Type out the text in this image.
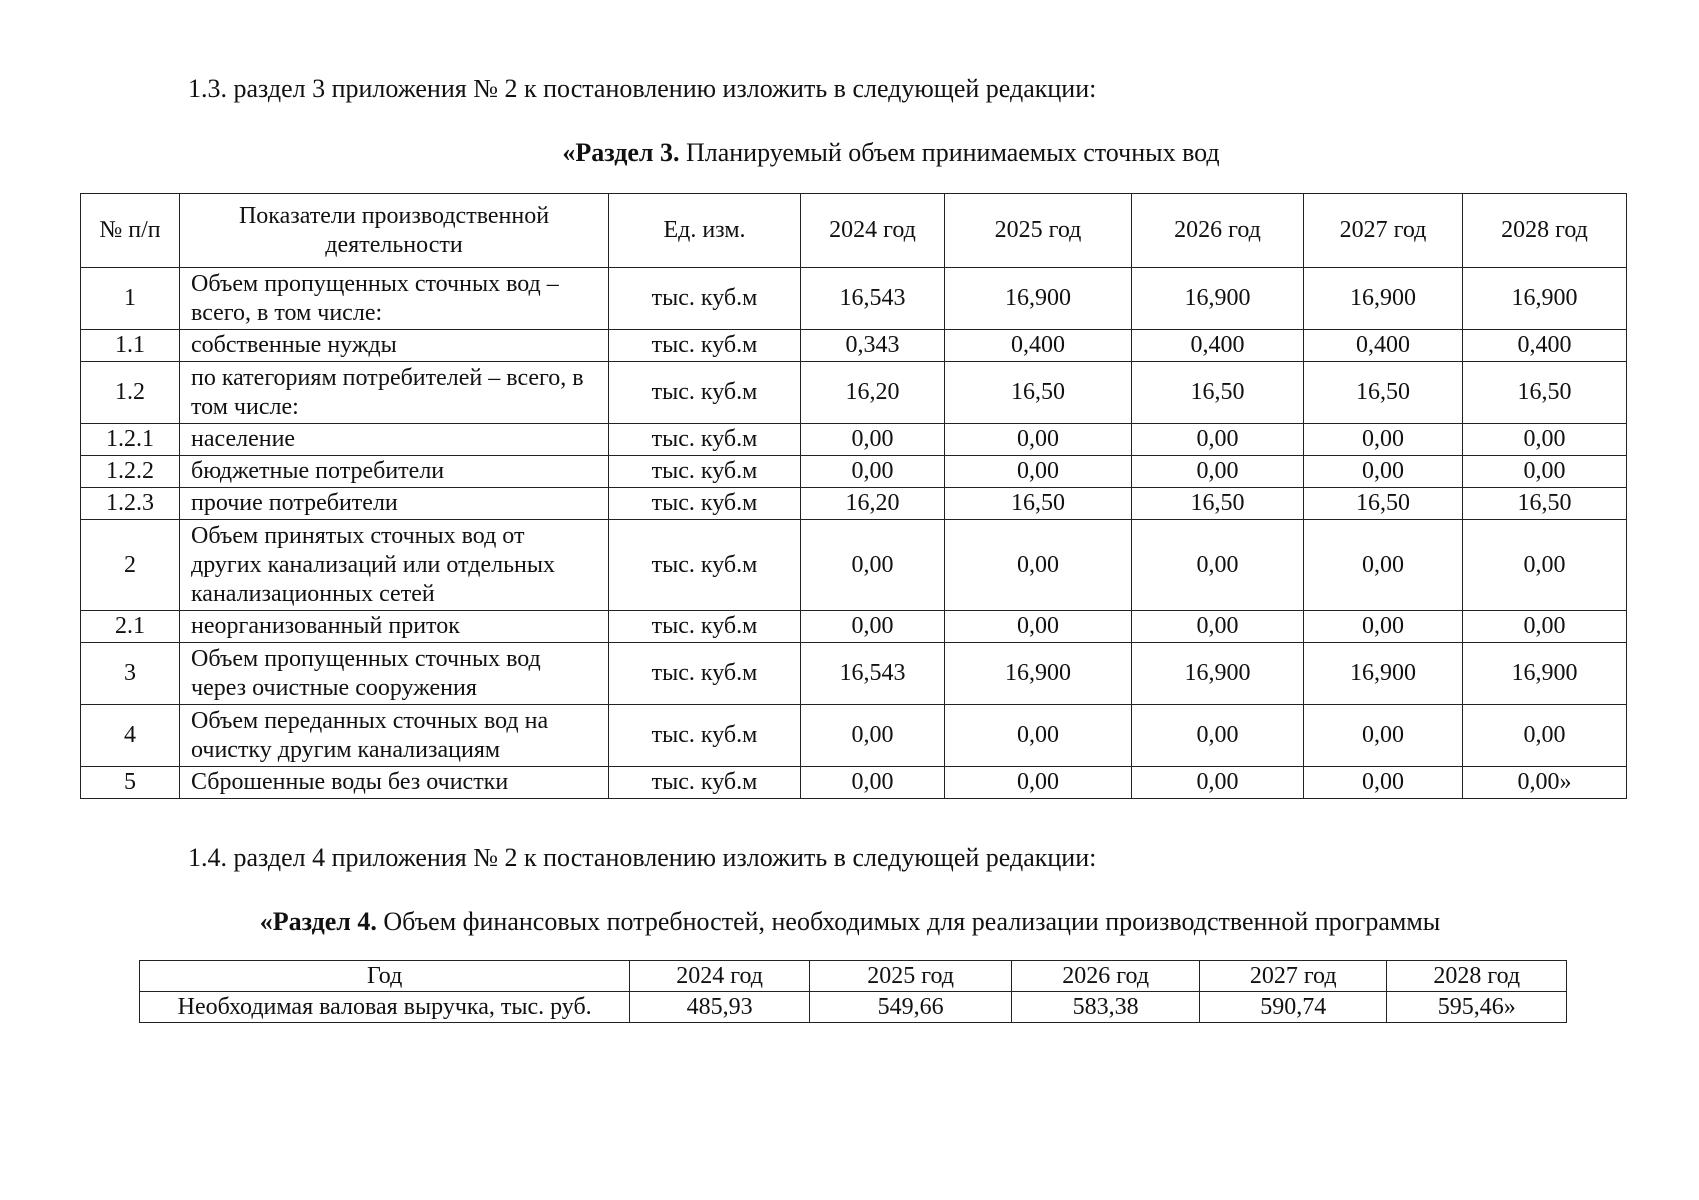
1.3. раздел 3 приложения № 2 к постановлению изложить в следующей редакции:
«Раздел 3. Планируемый объем принимаемых сточных вод
№ п/п	Показатели производственной деятельности	Ед. изм.	2024 год	2025 год	2026 год	2027 год	2028 год
1	Объем пропущенных сточных вод – всего, в том числе:	тыс. куб.м	16,543	16,900	16,900	16,900	16,900
1.1	собственные нужды	тыс. куб.м	0,343	0,400	0,400	0,400	0,400
1.2	по категориям потребителей – всего, в том числе:	тыс. куб.м	16,20	16,50	16,50	16,50	16,50
1.2.1	население	тыс. куб.м	0,00	0,00	0,00	0,00	0,00
1.2.2	бюджетные потребители	тыс. куб.м	0,00	0,00	0,00	0,00	0,00
1.2.3	прочие потребители	тыс. куб.м	16,20	16,50	16,50	16,50	16,50
2	Объем принятых сточных вод от других канализаций или отдельных канализационных сетей	тыс. куб.м	0,00	0,00	0,00	0,00	0,00
2.1	неорганизованный приток	тыс. куб.м	0,00	0,00	0,00	0,00	0,00
3	Объем пропущенных сточных вод через очистные сооружения	тыс. куб.м	16,543	16,900	16,900	16,900	16,900
4	Объем переданных сточных вод на очистку другим канализациям	тыс. куб.м	0,00	0,00	0,00	0,00	0,00
5	Сброшенные воды без очистки	тыс. куб.м	0,00	0,00	0,00	0,00	0,00»
1.4. раздел 4 приложения № 2 к постановлению изложить в следующей редакции:
«Раздел 4. Объем финансовых потребностей, необходимых для реализации производственной программы
Год	2024 год	2025 год	2026 год	2027 год	2028 год
Необходимая валовая выручка, тыс. руб.	485,93	549,66	583,38	590,74	595,46»
